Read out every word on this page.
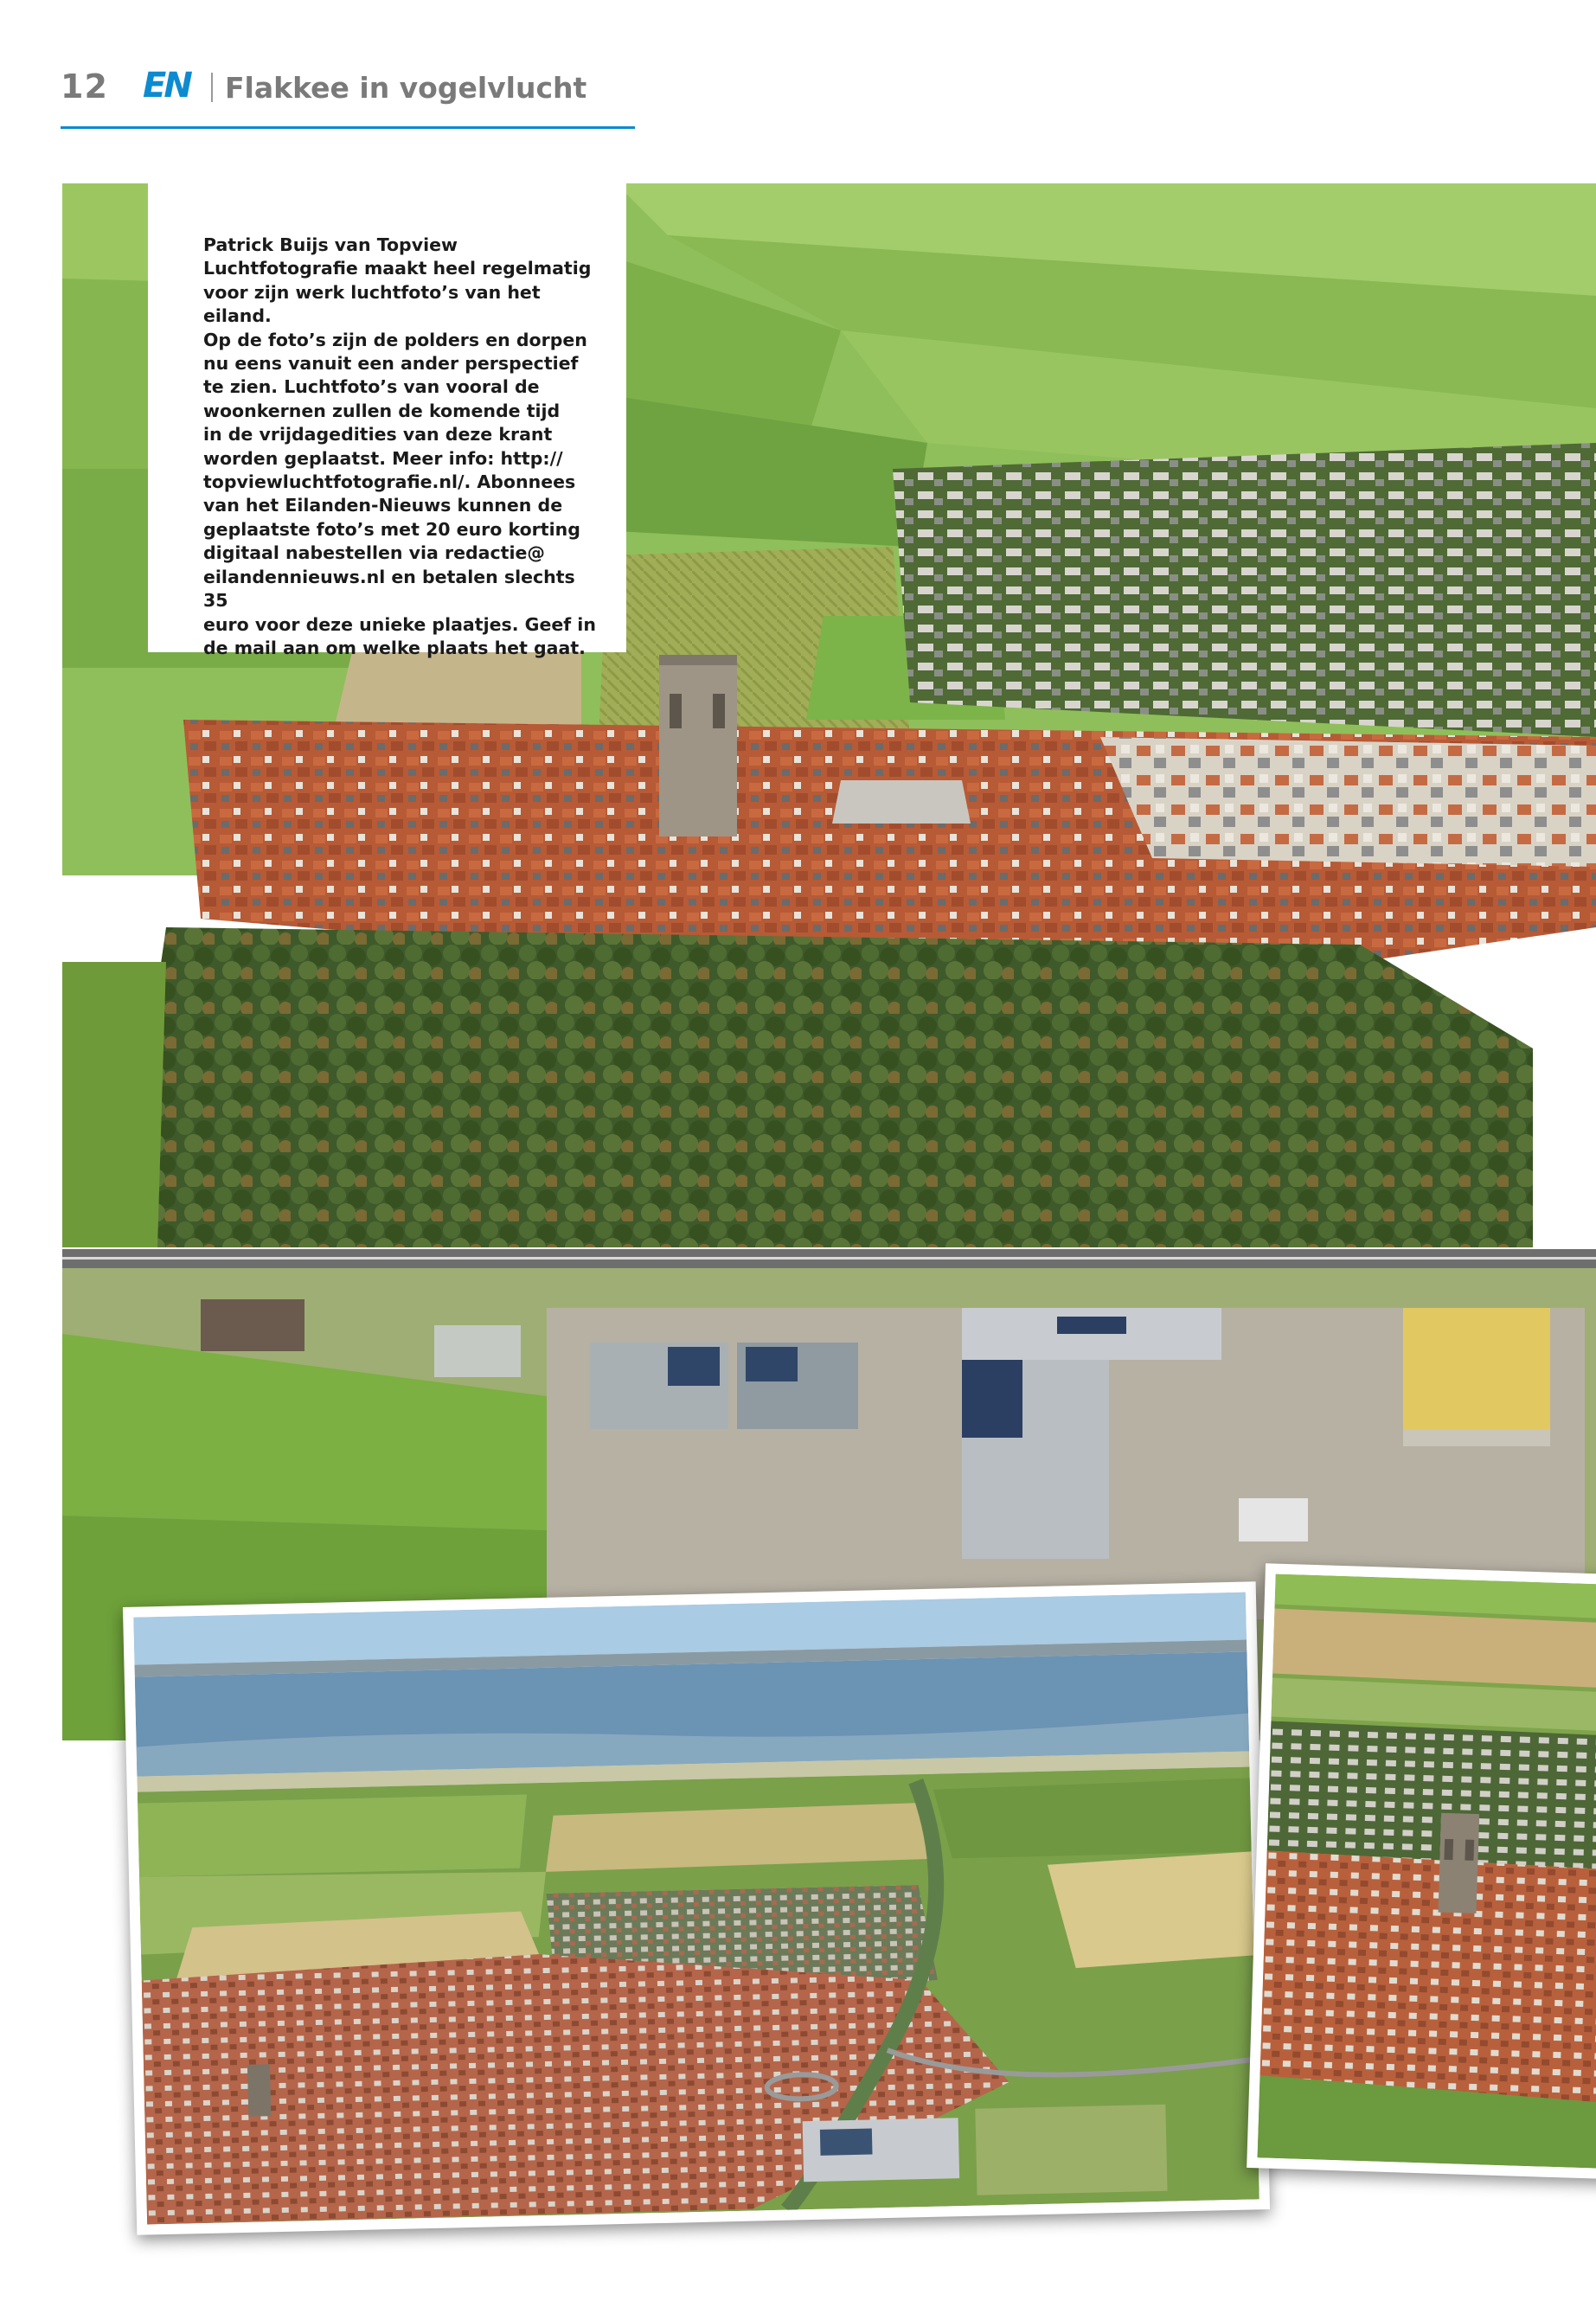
12 EN Flakkee in vogelvlucht

Patrick Buijs van Topview
Luchtfotografie maakt heel regelmatig
voor zijn werk luchtfoto’s van het eiland.
Op de foto’s zijn de polders en dorpen
nu eens vanuit een ander perspectief
te zien. Luchtfoto’s van vooral de
woonkernen zullen de komende tijd
in de vrijdagedities van deze krant
worden geplaatst. Meer info: http://
topviewluchtfotografie.nl/. Abonnees
van het Eilanden-Nieuws kunnen de
geplaatste foto’s met 20 euro korting
digitaal nabestellen via redactie@
eilandennieuws.nl en betalen slechts 35
euro voor deze unieke plaatjes. Geef in
de mail aan om welke plaats het gaat.
